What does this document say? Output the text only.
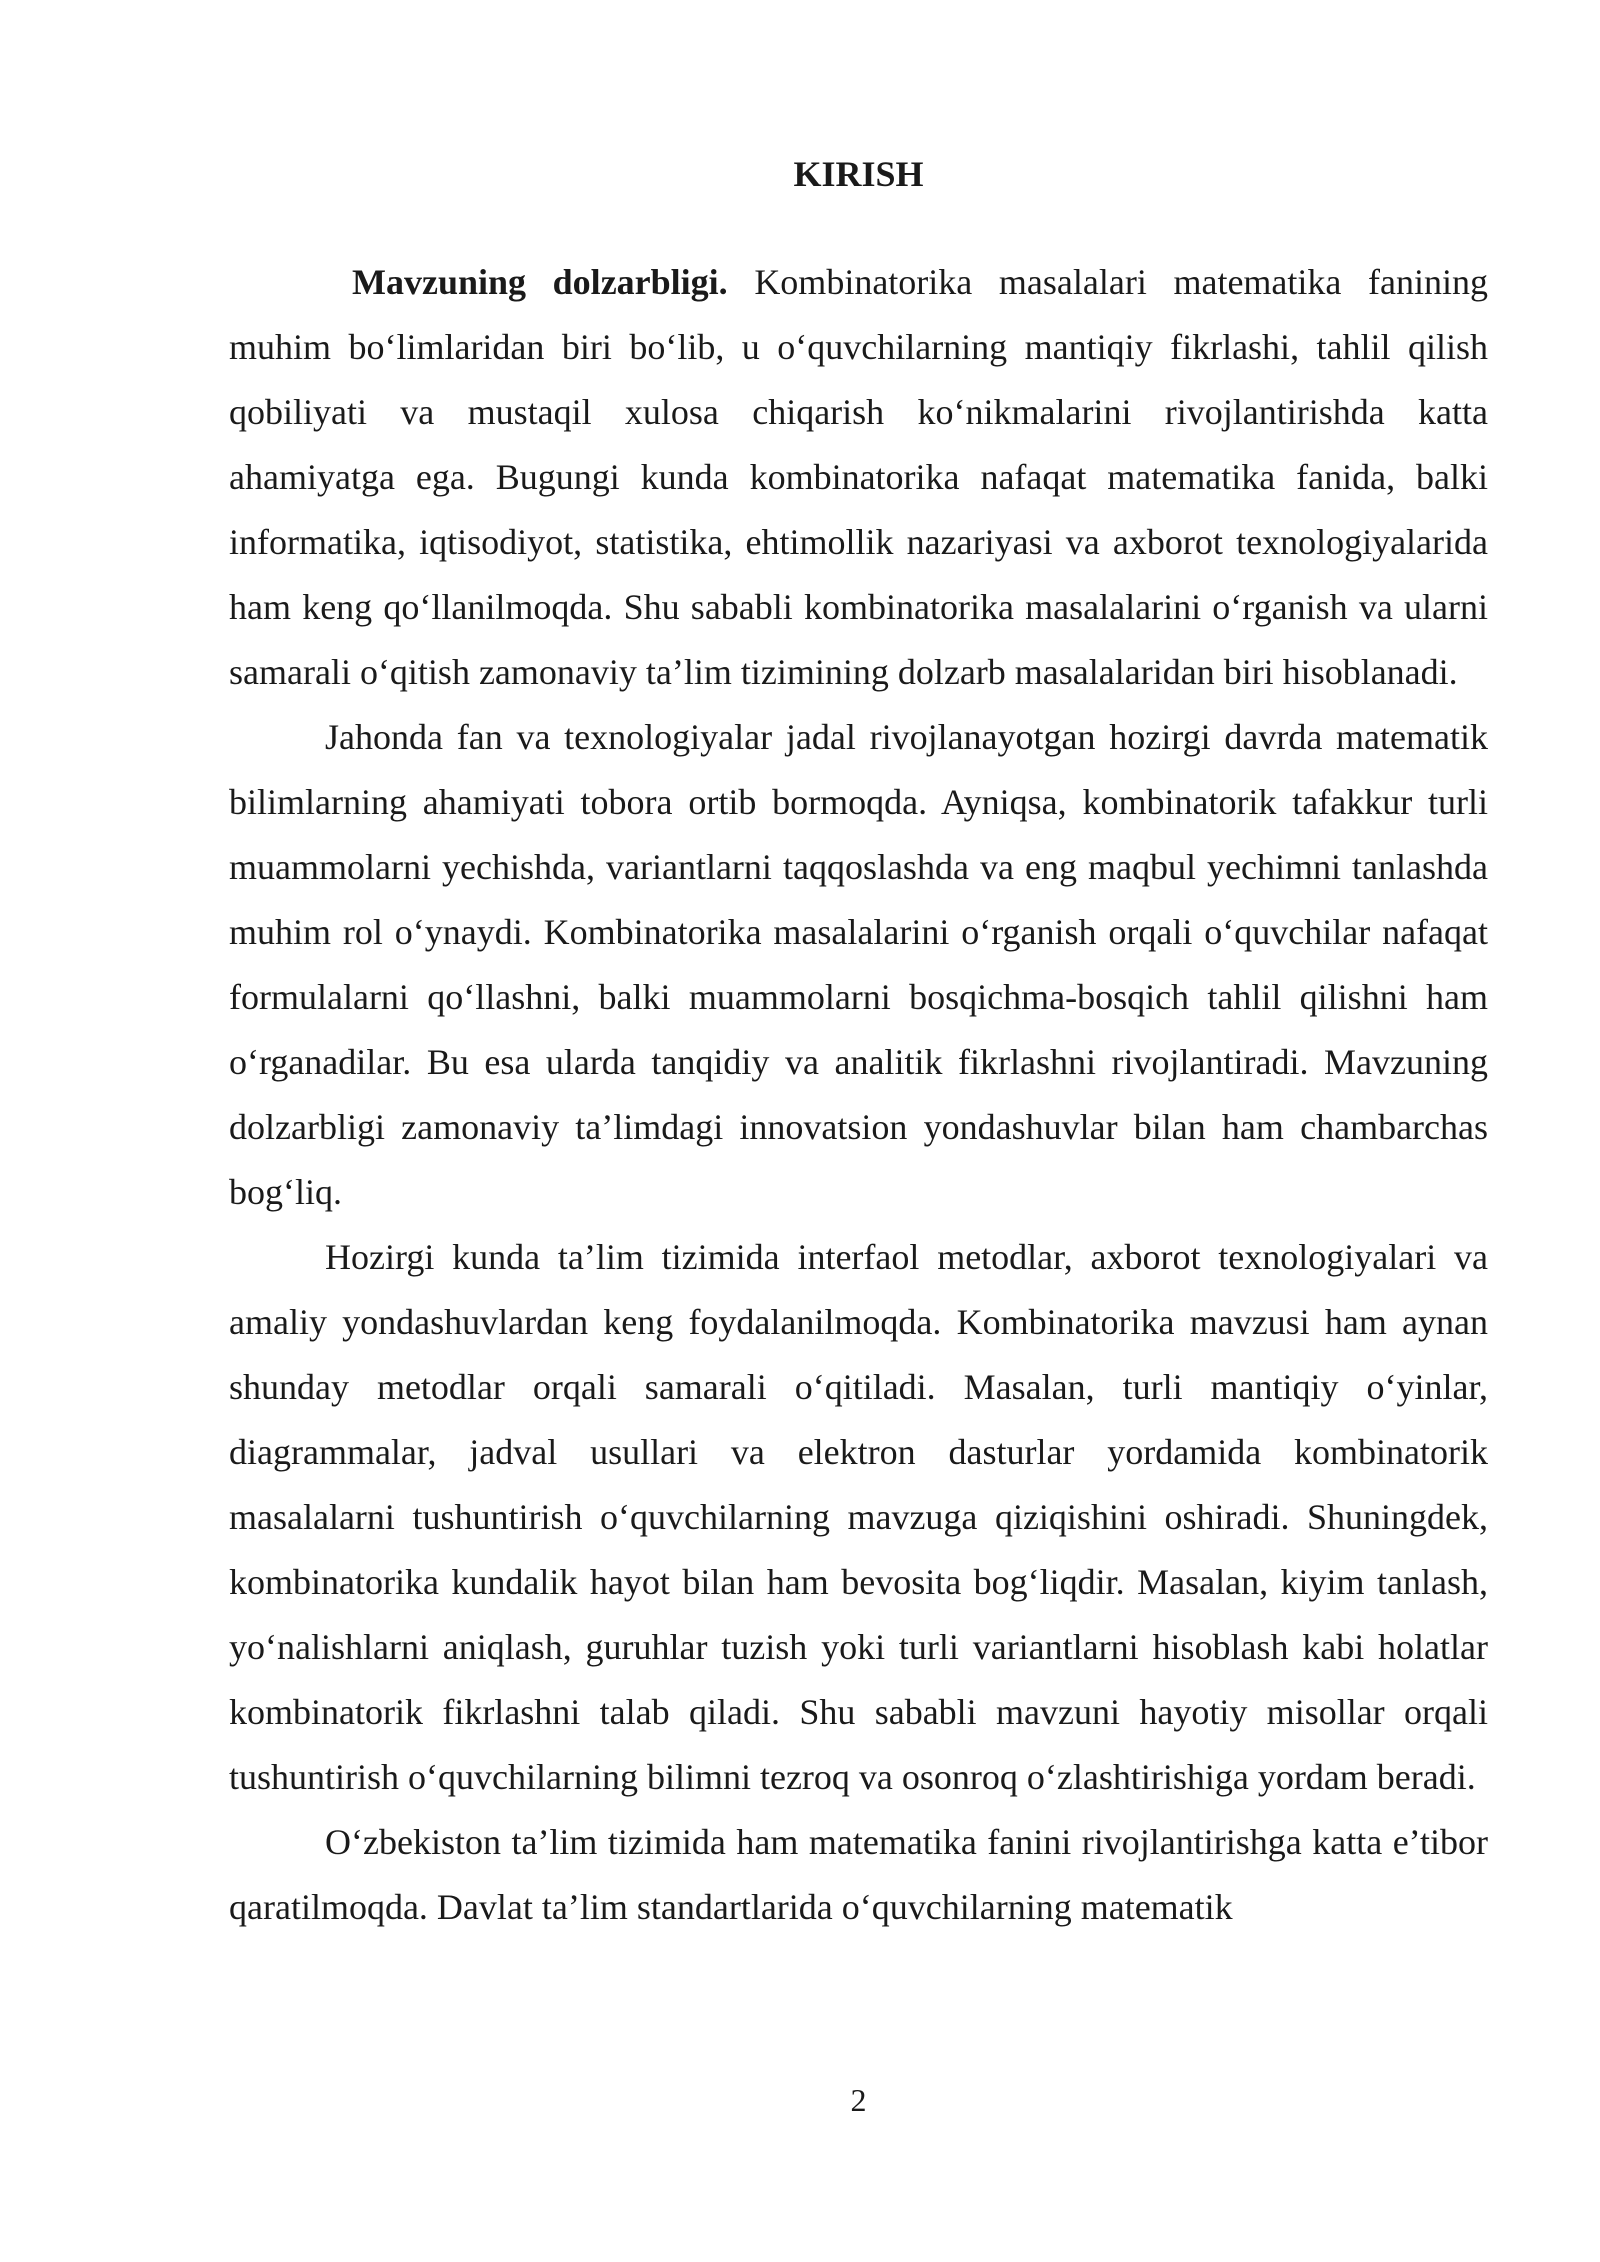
KIRISH

Mavzuning dolzarbligi. Kombinatorika masalalari matematika fanining muhim bo‘limlaridan biri bo‘lib, u o‘quvchilarning mantiqiy fikrlashi, tahlil qilish qobiliyati va mustaqil xulosa chiqarish ko‘nikmalarini rivojlantirishda katta ahamiyatga ega. Bugungi kunda kombinatorika nafaqat matematika fanida, balki informatika, iqtisodiyot, statistika, ehtimollik nazariyasi va axborot texnologiyalarida ham keng qo‘llanilmoqda. Shu sababli kombinatorika masalalarini o‘rganish va ularni samarali o‘qitish zamonaviy ta’lim tizimining dolzarb masalalaridan biri hisoblanadi.

Jahonda fan va texnologiyalar jadal rivojlanayotgan hozirgi davrda matematik bilimlarning ahamiyati tobora ortib bormoqda. Ayniqsa, kombinatorik tafakkur turli muammolarni yechishda, variantlarni taqqoslashda va eng maqbul yechimni tanlashda muhim rol o‘ynaydi. Kombinatorika masalalarini o‘rganish orqali o‘quvchilar nafaqat formulalarni qo‘llashni, balki muammolarni bosqichma-bosqich tahlil qilishni ham o‘rganadilar. Bu esa ularda tanqidiy va analitik fikrlashni rivojlantiradi. Mavzuning dolzarbligi zamonaviy ta’limdagi innovatsion yondashuvlar bilan ham chambarchas bog‘liq.

Hozirgi kunda ta’lim tizimida interfaol metodlar, axborot texnologiyalari va amaliy yondashuvlardan keng foydalanilmoqda. Kombinatorika mavzusi ham aynan shunday metodlar orqali samarali o‘qitiladi. Masalan, turli mantiqiy o‘yinlar, diagrammalar, jadval usullari va elektron dasturlar yordamida kombinatorik masalalarni tushuntirish o‘quvchilarning mavzuga qiziqishini oshiradi. Shuningdek, kombinatorika kundalik hayot bilan ham bevosita bog‘liqdir. Masalan, kiyim tanlash, yo‘nalishlarni aniqlash, guruhlar tuzish yoki turli variantlarni hisoblash kabi holatlar kombinatorik fikrlashni talab qiladi. Shu sababli mavzuni hayotiy misollar orqali tushuntirish o‘quvchilarning bilimni tezroq va osonroq o‘zlashtirishiga yordam beradi.

O‘zbekiston ta’lim tizimida ham matematika fanini rivojlantirishga katta e’tibor qaratilmoqda. Davlat ta’lim standartlarida o‘quvchilarning matematik

2
